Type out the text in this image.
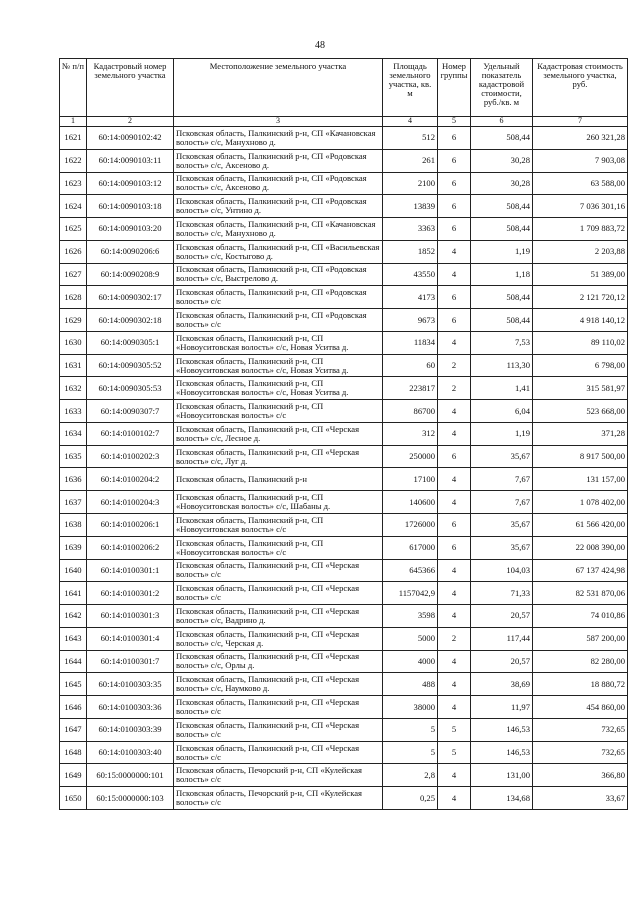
48
№ п/п	Кадастровый номер земельного участка	Местоположение земельного участка	Площадь земельного участка, кв. м	Номер группы	Удельный показатель кадастровой стоимости, руб./кв. м	Кадастровая стоимость земельного участка, руб.
1	2	3	4	5	6	7
1621	60:14:0090102:42	Псковская область, Палкинский р-н, СП «Качановская волость» с/с, Манухново д.	512	6	508,44	260 321,28
1622	60:14:0090103:11	Псковская область, Палкинский р-н, СП «Родовская волость» с/с, Аксеново д.	261	6	30,28	7 903,08
1623	60:14:0090103:12	Псковская область, Палкинский р-н, СП «Родовская волость» с/с, Аксеново д.	2100	6	30,28	63 588,00
1624	60:14:0090103:18	Псковская область, Палкинский р-н, СП «Родовская волость» с/с, Унтино д.	13839	6	508,44	7 036 301,16
1625	60:14:0090103:20	Псковская область, Палкинский р-н, СП «Качановская волость» с/с, Манухново д.	3363	6	508,44	1 709 883,72
1626	60:14:0090206:6	Псковская область, Палкинский р-н, СП «Васильевская волость» с/с, Костыгово д.	1852	4	1,19	2 203,88
1627	60:14:0090208:9	Псковская область, Палкинский р-н, СП «Родовская волость» с/с, Выстрелово д.	43550	4	1,18	51 389,00
1628	60:14:0090302:17	Псковская область, Палкинский р-н, СП «Родовская волость» с/с	4173	6	508,44	2 121 720,12
1629	60:14:0090302:18	Псковская область, Палкинский р-н, СП «Родовская волость» с/с	9673	6	508,44	4 918 140,12
1630	60:14:0090305:1	Псковская область, Палкинский р-н, СП «Новоуситовская волость» с/с, Новая Уситва д.	11834	4	7,53	89 110,02
1631	60:14:0090305:52	Псковская область, Палкинский р-н, СП «Новоуситовская волость» с/с, Новая Уситва д.	60	2	113,30	6 798,00
1632	60:14:0090305:53	Псковская область, Палкинский р-н, СП «Новоуситовская волость» с/с, Новая Уситва д.	223817	2	1,41	315 581,97
1633	60:14:0090307:7	Псковская область, Палкинский р-н, СП «Новоуситовская волость» с/с	86700	4	6,04	523 668,00
1634	60:14:0100102:7	Псковская область, Палкинский р-н, СП «Черская волость» с/с, Лесное д.	312	4	1,19	371,28
1635	60:14:0100202:3	Псковская область, Палкинский р-н, СП «Черская волость» с/с, Луг д.	250000	6	35,67	8 917 500,00
1636	60:14:0100204:2	Псковская область, Палкинский р-н	17100	4	7,67	131 157,00
1637	60:14:0100204:3	Псковская область, Палкинский р-н, СП «Новоуситовская волость» с/с, Шабаны д.	140600	4	7,67	1 078 402,00
1638	60:14:0100206:1	Псковская область, Палкинский р-н, СП «Новоуситовская волость» с/с	1726000	6	35,67	61 566 420,00
1639	60:14:0100206:2	Псковская область, Палкинский р-н, СП «Новоуситовская волость» с/с	617000	6	35,67	22 008 390,00
1640	60:14:0100301:1	Псковская область, Палкинский р-н, СП «Черская волость» с/с	645366	4	104,03	67 137 424,98
1641	60:14:0100301:2	Псковская область, Палкинский р-н, СП «Черская волость» с/с	1157042,9	4	71,33	82 531 870,06
1642	60:14:0100301:3	Псковская область, Палкинский р-н, СП «Черская волость» с/с, Вадрино д.	3598	4	20,57	74 010,86
1643	60:14:0100301:4	Псковская область, Палкинский р-н, СП «Черская волость» с/с, Черская д.	5000	2	117,44	587 200,00
1644	60:14:0100301:7	Псковская область, Палкинский р-н, СП «Черская волость» с/с, Орлы д.	4000	4	20,57	82 280,00
1645	60:14:0100303:35	Псковская область, Палкинский р-н, СП «Черская волость» с/с, Наумково д.	488	4	38,69	18 880,72
1646	60:14:0100303:36	Псковская область, Палкинский р-н, СП «Черская волость» с/с	38000	4	11,97	454 860,00
1647	60:14:0100303:39	Псковская область, Палкинский р-н, СП «Черская волость» с/с	5	5	146,53	732,65
1648	60:14:0100303:40	Псковская область, Палкинский р-н, СП «Черская волость» с/с	5	5	146,53	732,65
1649	60:15:0000000:101	Псковская область, Печорский р-н, СП «Кулейская волость» с/с	2,8	4	131,00	366,80
1650	60:15:0000000:103	Псковская область, Печорский р-н, СП «Кулейская волость» с/с	0,25	4	134,68	33,67
